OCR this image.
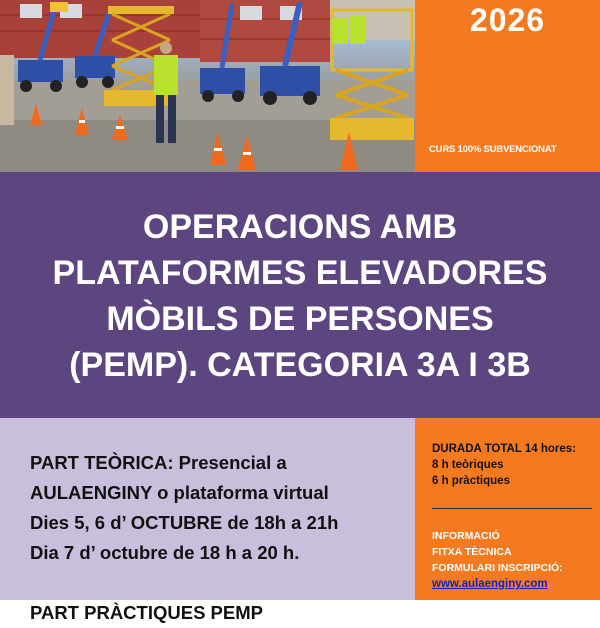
2026
CURS 100% SUBVENCIONAT
OPERACIONS AMB
PLATAFORMES ELEVADORES
MÒBILS DE PERSONES
(PEMP). CATEGORIA 3A I 3B
PART TEÒRICA: Presencial a
AULAENGINY o plataforma virtual
Dies 5, 6 d’ OCTUBRE de 18h a 21h
Dia 7 d’ octubre de 18 h a 20 h.
PART PRÀCTIQUES PEMP
DURADA TOTAL 14 hores:
8 h teòriques
6 h pràctiques
INFORMACIÓ
FITXA TÈCNICA
FORMULARI INSCRIPCIÓ:
www.aulaenginy.com
